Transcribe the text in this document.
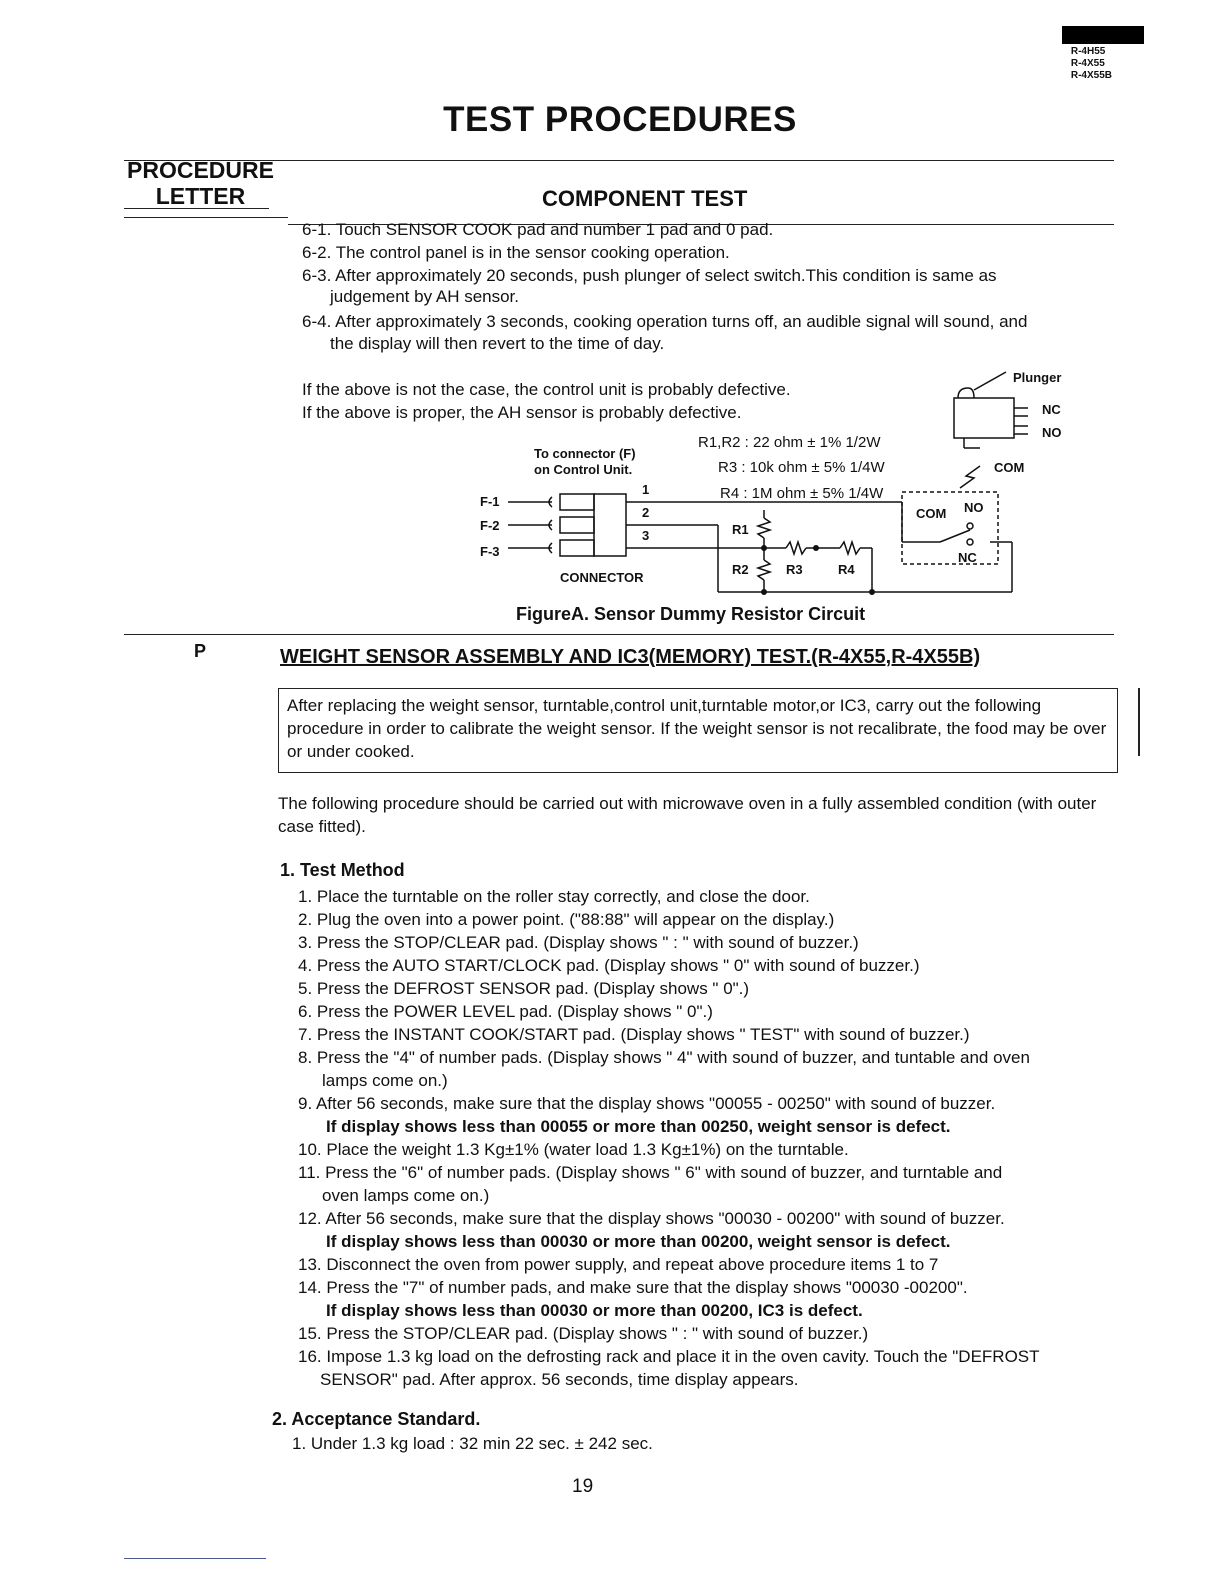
R-4H55
R-4X55
R-4X55B
TEST PROCEDURES
PROCEDURE
LETTER	COMPONENT TEST
6-1. Touch SENSOR COOK pad and number 1 pad and 0 pad.
6-2. The control panel is in the sensor cooking operation.
6-3. After approximately 20 seconds, push plunger of select switch.This condition is same as
judgement by AH sensor.
6-4. After approximately 3 seconds, cooking operation turns off, an audible signal will sound, and
the display will then revert to the time of day.
If the above is not the case, the control unit is probably defective.
If the above is proper, the AH sensor is probably defective.
To connector (F)
on Control Unit.
F-1
F-2
F-3
1
2
3
CONNECTOR
R1
R2	R3	R4
Plunger
NC
NO
COM
COM NO
NC
R1,R2 : 22 ohm ± 1% 1/2W
R3 : 10k ohm ± 5% 1/4W
R4 : 1M ohm ± 5% 1/4W
FigureA. Sensor Dummy Resistor Circuit
P	WEIGHT SENSOR ASSEMBLY AND IC3(MEMORY) TEST.(R-4X55,R-4X55B)
After replacing the weight sensor, turntable,control unit,turntable motor,or IC3, carry out the following procedure in order to calibrate the weight sensor. If the weight sensor is not recalibrate, the food may be over or under cooked.
The following procedure should be carried out with microwave oven in a fully assembled condition (with outer case fitted).
1. Test Method
1. Place the turntable on the roller stay correctly, and close the door.
2. Plug the oven into a power point. ("88:88" will appear on the display.)
3. Press the STOP/CLEAR pad. (Display shows " : " with sound of buzzer.)
4. Press the AUTO START/CLOCK pad. (Display shows " 0" with sound of buzzer.)
5. Press the DEFROST SENSOR pad. (Display shows " 0".)
6. Press the POWER LEVEL pad. (Display shows " 0".)
7. Press the INSTANT COOK/START pad. (Display shows " TEST" with sound of buzzer.)
8. Press the "4" of number pads. (Display shows " 4" with sound of buzzer, and tuntable and oven
lamps come on.)
9. After 56 seconds, make sure that the display shows "00055 - 00250" with sound of buzzer.
If display shows less than 00055 or more than 00250, weight sensor is defect.
10. Place the weight 1.3 Kg±1% (water load 1.3 Kg±1%) on the turntable.
11. Press the "6" of number pads. (Display shows " 6" with sound of buzzer, and turntable and
oven lamps come on.)
12. After 56 seconds, make sure that the display shows "00030 - 00200" with sound of buzzer.
If display shows less than 00030 or more than 00200, weight sensor is defect.
13. Disconnect the oven from power supply, and repeat above procedure items 1 to 7
14. Press the "7" of number pads, and make sure that the display shows "00030 -00200".
If display shows less than 00030 or more than 00200, IC3 is defect.
15. Press the STOP/CLEAR pad. (Display shows " : " with sound of buzzer.)
16. Impose 1.3 kg load on the defrosting rack and place it in the oven cavity. Touch the "DEFROST
SENSOR" pad. After approx. 56 seconds, time display appears.
2. Acceptance Standard.
1. Under 1.3 kg load : 32 min 22 sec. ± 242 sec.
19
